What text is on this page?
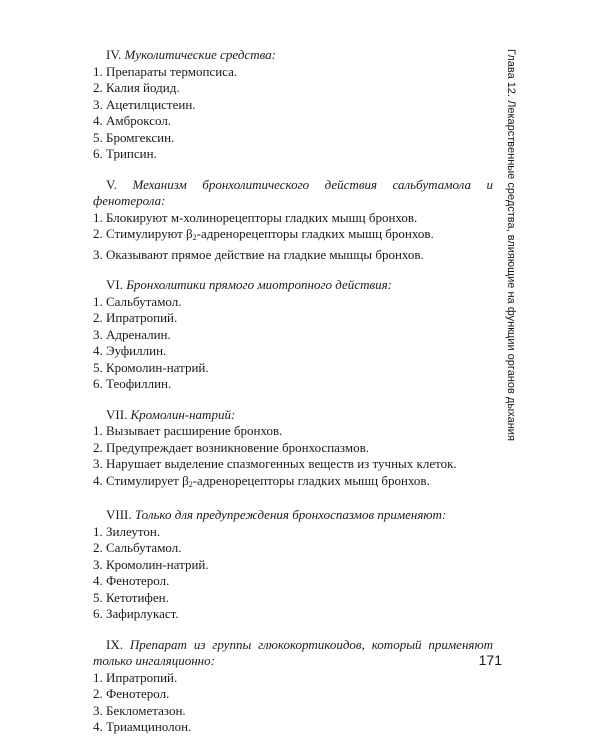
IV. Муколитические средства:

1. Препараты термопсиса.
2. Калия йодид.
3. Ацетилцистеин.
4. Амброксол.
5. Бромгексин.
6. Трипсин.

V. Механизм бронхолитического действия сальбутамола и фенотерола:

1. Блокируют м-холинорецепторы гладких мышц бронхов.
2. Стимулируют $\beta_2$-адренорецепторы гладких мышц бронхов.
3. Оказывают прямое действие на гладкие мышцы бронхов.

VI. Бронхолитики прямого миотропного действия:

1. Сальбутамол.
2. Ипратропий.
3. Адреналин.
4. Эуфиллин.
5. Кромолин-натрий.
6. Теофиллин.

VII. Кромолин-натрий:

1. Вызывает расширение бронхов.
2. Предупреждает возникновение бронхоспазмов.
3. Нарушает выделение спазмогенных веществ из тучных клеток.
4. Стимулирует $\beta_2$-адренорецепторы гладких мышц бронхов.

VIII. Только для предупреждения бронхоспазмов применяют:

1. Зилеутон.
2. Сальбутамол.
3. Кромолин-натрий.
4. Фенотерол.
5. Кетотифен.
6. Зафирлукаст.

IX. Препарат из группы глюкокортикоидов, который применяют только ингаляционно:

1. Ипратропий.
2. Фенотерол.
3. Беклометазон.
4. Триамцинолон.
Глава 12. Лекарственные средства, влияющие на функции органов дыхания
171
